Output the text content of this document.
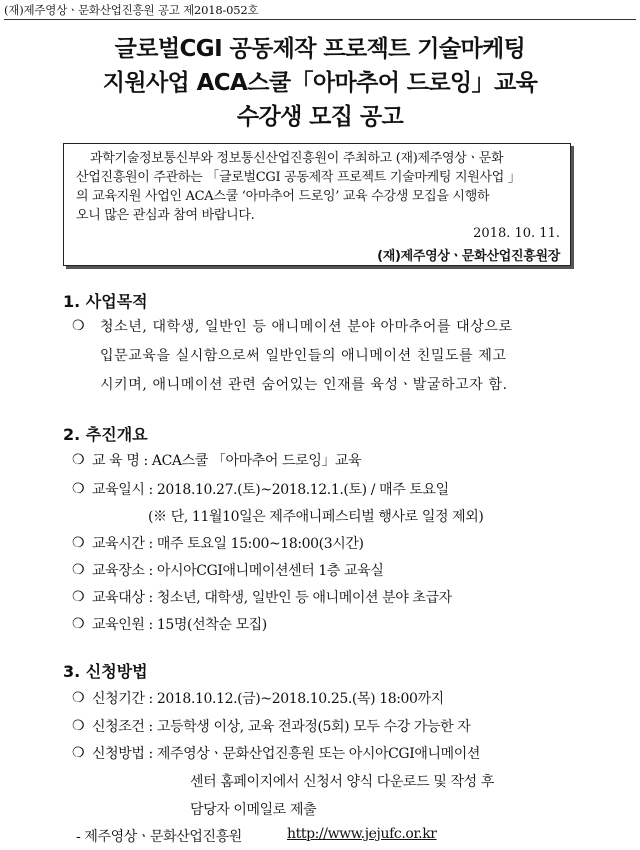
(재)제주영상ㆍ문화산업진흥원 공고 제2018-052호
글로벌CGI 공동제작 프로젝트 기술마케팅
지원사업 ACA스쿨「아마추어 드로잉」교육
수강생 모집 공고
과학기술정보통신부와 정보통신산업진흥원이 주최하고 (재)제주영상ㆍ문화
산업진흥원이 주관하는 「글로벌CGI 공동제작 프로젝트 기술마케팅 지원사업 」
의 교육지원 사업인 ACA스쿨 ‘아마추어 드로잉’ 교육 수강생 모집을 시행하
오니 많은 관심과 참여 바랍니다.
2018. 10. 11.
(재)제주영상ㆍ문화산업진흥원장
1. 사업목적
❍ 청소년, 대학생, 일반인 등 애니메이션 분야 아마추어를 대상으로
입문교육을 실시함으로써 일반인들의 애니메이션 친밀도를 제고
시키며, 애니메이션 관련 숨어있는 인재를 육성ㆍ발굴하고자 함.
2. 추진개요
❍ 교 육 명 : ACA스쿨 「아마추어 드로잉」교육
❍ 교육일시 : 2018.10.27.(토)~2018.12.1.(토) / 매주 토요일
(※ 단, 11월10일은 제주애니페스티벌 행사로 일정 제외)
❍ 교육시간 : 매주 토요일 15:00~18:00(3시간)
❍ 교육장소 : 아시아CGI애니메이션센터 1층 교육실
❍ 교육대상 : 청소년, 대학생, 일반인 등 애니메이션 분야 초급자
❍ 교육인원 : 15명(선착순 모집)
3. 신청방법
❍ 신청기간 : 2018.10.12.(금)~2018.10.25.(목) 18:00까지
❍ 신청조건 : 고등학생 이상, 교육 전과정(5회) 모두 수강 가능한 자
❍ 신청방법 : 제주영상ㆍ문화산업진흥원 또는 아시아CGI애니메이션
센터 홈페이지에서 신청서 양식 다운로드 및 작성 후
담당자 이메일로 제출
- 제주영상ㆍ문화산업진흥원	http://www.jejufc.or.kr
